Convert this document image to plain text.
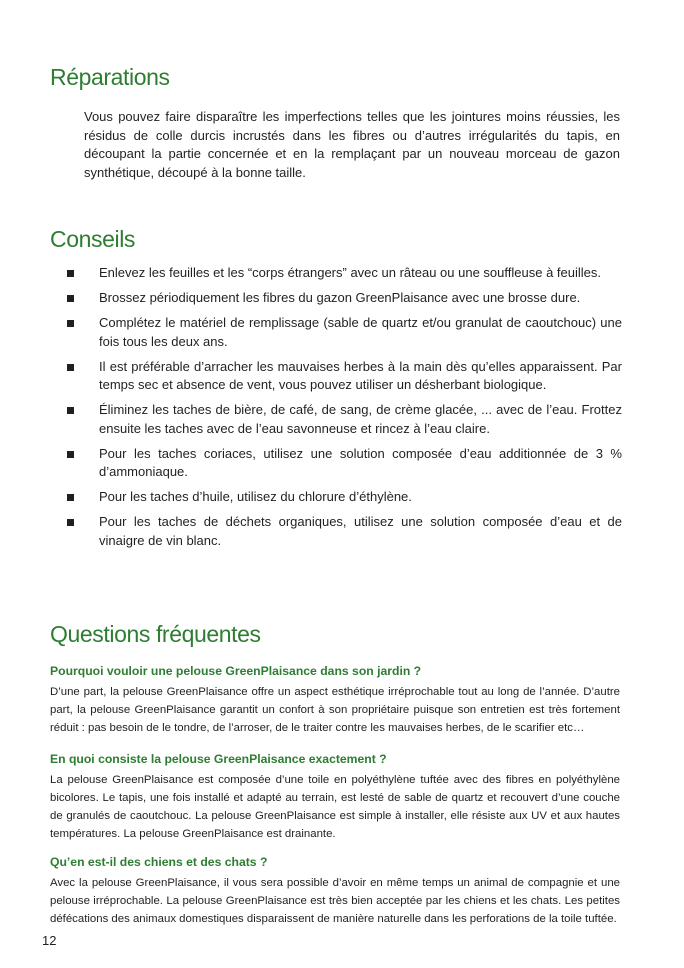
Réparations

Vous pouvez faire disparaître les imperfections telles que les jointures moins réussies, les résidus de colle durcis incrustés dans les fibres ou d’autres irrégularités du tapis, en découpant la partie concernée et en la remplaçant par un nouveau morceau de gazon synthétique, découpé à la bonne taille.

Conseils
Enlevez les feuilles et les “corps étrangers” avec un râteau ou une souffleuse à feuilles.
Brossez périodiquement les fibres du gazon GreenPlaisance avec une brosse dure.
Complétez le matériel de remplissage (sable de quartz et/ou granulat de caoutchouc) une fois tous les deux ans.
Il est préférable d’arracher les mauvaises herbes à la main dès qu’elles apparaissent. Par temps sec et absence de vent, vous pouvez utiliser un désherbant biologique.
Éliminez les taches de bière, de café, de sang, de crème glacée, ... avec de l’eau. Frottez ensuite les taches avec de l’eau savonneuse et rincez à l’eau claire.
Pour les taches coriaces, utilisez une solution composée d’eau additionnée de 3 % d’ammoniaque.
Pour les taches d’huile, utilisez du chlorure d’éthylène.
Pour les taches de déchets organiques, utilisez une solution composée d’eau et de vinaigre de vin blanc.
Questions fréquentes
Pourquoi vouloir une pelouse GreenPlaisance dans son jardin ?

D’une part, la pelouse GreenPlaisance offre un aspect esthétique irréprochable tout au long de l’année. D’autre part, la pelouse GreenPlaisance garantit un confort à son propriétaire puisque son entretien est très fortement réduit : pas besoin de le tondre, de l’arroser, de le traiter contre les mauvaises herbes, de le scarifier etc…

En quoi consiste la pelouse GreenPlaisance exactement ?

La pelouse GreenPlaisance est composée d’une toile en polyéthylène tuftée avec des fibres en polyéthylène bicolores. Le tapis, une fois installé et adapté au terrain, est lesté de sable de quartz et recouvert d’une couche de granulés de caoutchouc. La pelouse GreenPlaisance est simple à installer, elle résiste aux UV et aux hautes températures. La pelouse GreenPlaisance est drainante.

Qu’en est-il des chiens et des chats ?

Avec la pelouse GreenPlaisance, il vous sera possible d’avoir en même temps un animal de compagnie et une pelouse irréprochable. La pelouse GreenPlaisance est très bien acceptée par les chiens et les chats. Les petites défécations des animaux domestiques disparaissent de manière naturelle dans les perforations de la toile tuftée.

12
